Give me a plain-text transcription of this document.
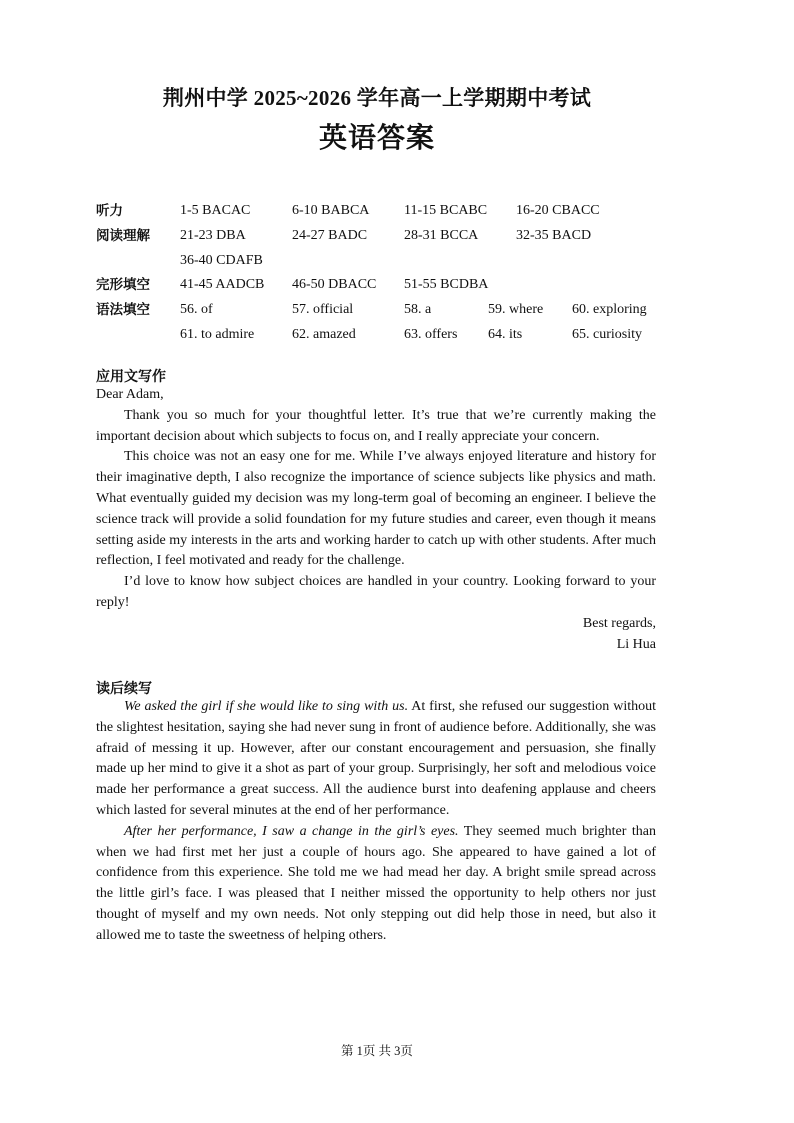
荆州中学 2025~2026 学年高一上学期期中考试
英语答案
听力	1-5 BACAC	6-10 BABCA 11-15 BCABC 16-20 CBACC
阅读理解 21-23 DBA	24-27 BADC	28-31 BCCA	32-35 BACD
36-40 CDAFB
完形填空 41-45 AADCB 46-50 DBACC 51-55 BCDBA
语法填空 56. of	57. official	58. a	59. where 60. exploring
61. to admire	62. amazed	63. offers 64. its	65. curiosity
应用文写作

Dear Adam,

Thank you so much for your thoughtful letter. It’s true that we’re currently making the important decision about which subjects to focus on, and I really appreciate your concern.

This choice was not an easy one for me. While I’ve always enjoyed literature and history for their imaginative depth, I also recognize the importance of science subjects like physics and math. What eventually guided my decision was my long-term goal of becoming an engineer. I believe the science track will provide a solid foundation for my future studies and career, even though it means setting aside my interests in the arts and working harder to catch up with other students. After much reflection, I feel motivated and ready for the challenge.

I’d love to know how subject choices are handled in your country. Looking forward to your reply!

Best regards,

Li Hua

读后续写

We asked the girl if she would like to sing with us. At first, she refused our suggestion without the slightest hesitation, saying she had never sung in front of audience before. Additionally, she was afraid of messing it up. However, after our constant encouragement and persuasion, she finally made up her mind to give it a shot as part of your group. Surprisingly, her soft and melodious voice made her performance a great success. All the audience burst into deafening applause and cheers which lasted for several minutes at the end of her performance.

After her performance, I saw a change in the girl’s eyes. They seemed much brighter than when we had first met her just a couple of hours ago. She appeared to have gained a lot of confidence from this experience. She told me we had mead her day. A bright smile spread across the little girl’s face. I was pleased that I neither missed the opportunity to help others nor just thought of myself and my own needs. Not only stepping out did help those in need, but also it allowed me to taste the sweetness of helping others.

第 1页 共 3页
